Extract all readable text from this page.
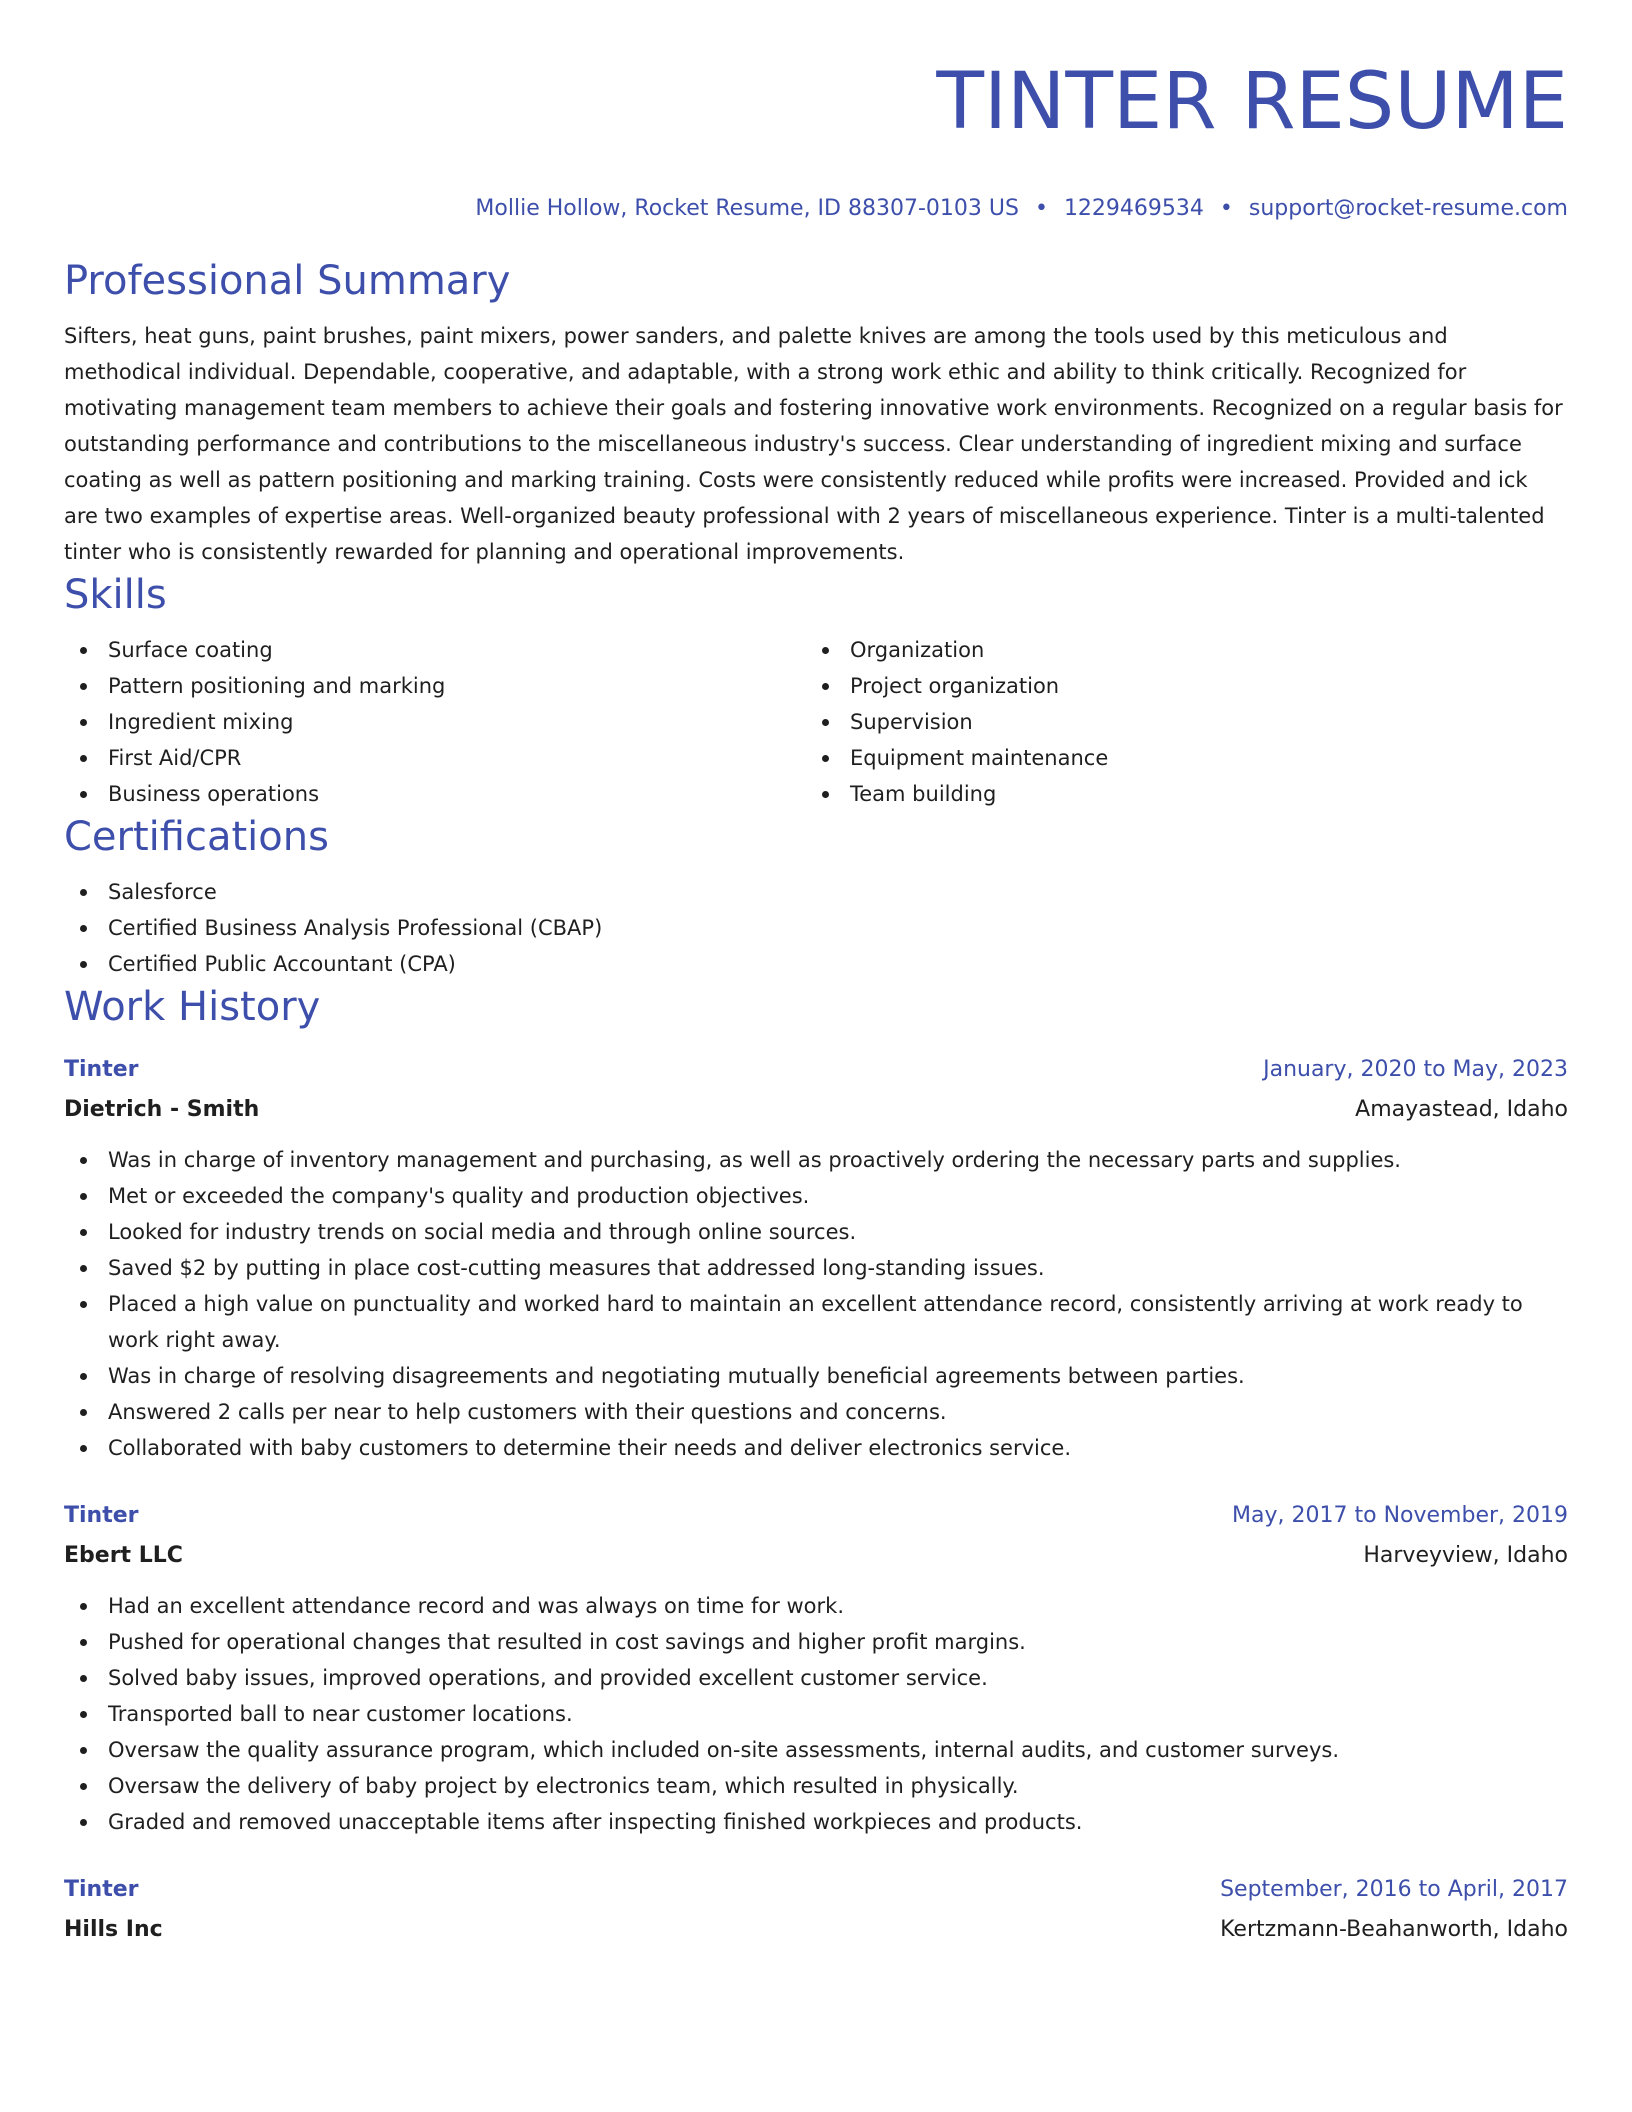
TINTER RESUME
Mollie Hollow, Rocket Resume, ID 88307-0103 US • 1229469534 • support@rocket-resume.com
Professional Summary

Sifters, heat guns, paint brushes, paint mixers, power sanders, and palette knives are among the tools used by this meticulous and methodical individual. Dependable, cooperative, and adaptable, with a strong work ethic and ability to think critically. Recognized for motivating management team members to achieve their goals and fostering innovative work environments. Recognized on a regular basis for outstanding performance and contributions to the miscellaneous industry's success. Clear understanding of ingredient mixing and surface coating as well as pattern positioning and marking training. Costs were consistently reduced while profits were increased. Provided and ick are two examples of expertise areas. Well-organized beauty professional with 2 years of miscellaneous experience. Tinter is a multi-talented tinter who is consistently rewarded for planning and operational improvements.

Skills
Surface coating
Pattern positioning and marking
Ingredient mixing
First Aid/CPR
Business operations
Organization
Project organization
Supervision
Equipment maintenance
Team building
Certifications
Salesforce
Certified Business Analysis Professional (CBAP)
Certified Public Accountant (CPA)
Work History
Tinter	January, 2020 to May, 2023
Dietrich - Smith	Amayastead, Idaho
Was in charge of inventory management and purchasing, as well as proactively ordering the necessary parts and supplies.
Met or exceeded the company's quality and production objectives.
Looked for industry trends on social media and through online sources.
Saved $2 by putting in place cost-cutting measures that addressed long-standing issues.
Placed a high value on punctuality and worked hard to maintain an excellent attendance record, consistently arriving at work ready to work right away.
Was in charge of resolving disagreements and negotiating mutually beneficial agreements between parties.
Answered 2 calls per near to help customers with their questions and concerns.
Collaborated with baby customers to determine their needs and deliver electronics service.
Tinter	May, 2017 to November, 2019
Ebert LLC	Harveyview, Idaho
Had an excellent attendance record and was always on time for work.
Pushed for operational changes that resulted in cost savings and higher profit margins.
Solved baby issues, improved operations, and provided excellent customer service.
Transported ball to near customer locations.
Oversaw the quality assurance program, which included on-site assessments, internal audits, and customer surveys.
Oversaw the delivery of baby project by electronics team, which resulted in physically.
Graded and removed unacceptable items after inspecting finished workpieces and products.
Tinter	September, 2016 to April, 2017
Hills Inc	Kertzmann-Beahanworth, Idaho
